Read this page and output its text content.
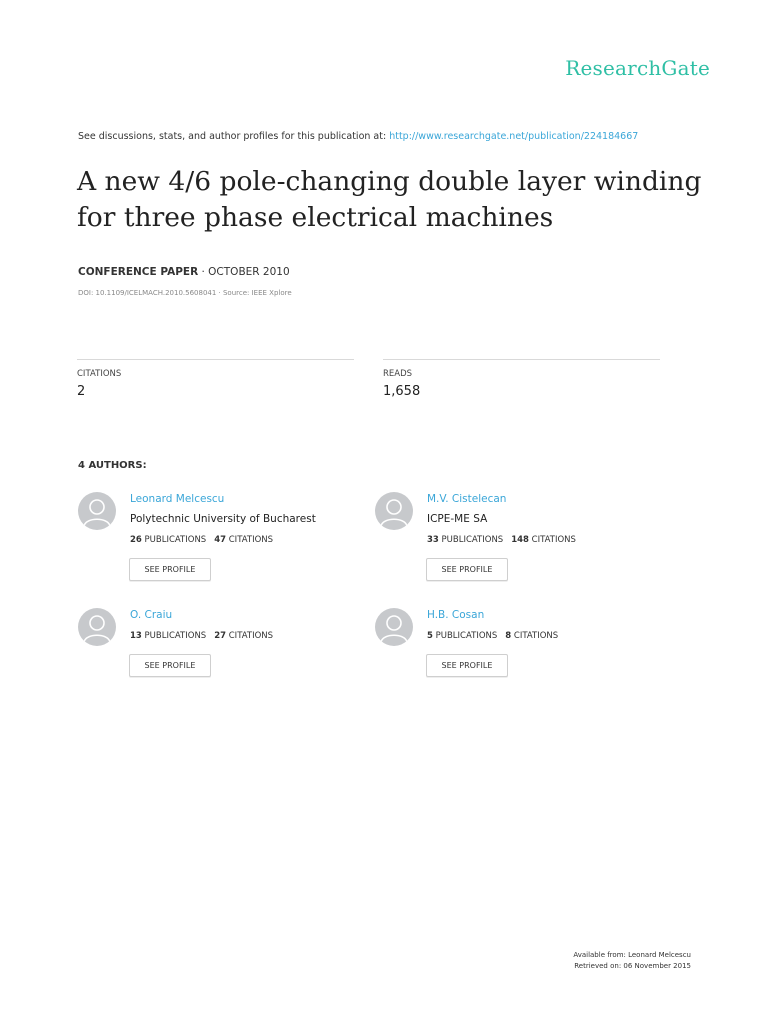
ResearchGate
See discussions, stats, and author profiles for this publication at: http://www.researchgate.net/publication/224184667
A new 4/6 pole-changing double layer winding for three phase electrical machines
CONFERENCE PAPER · OCTOBER 2010
DOI: 10.1109/ICELMACH.2010.5608041 · Source: IEEE Xplore
CITATIONS
2
READS
1,658
4 AUTHORS:
Leonard Melcescu
Polytechnic University of Bucharest
26 PUBLICATIONS 47 CITATIONS
SEE PROFILE
M.V. Cistelecan
ICPE-ME SA
33 PUBLICATIONS 148 CITATIONS
SEE PROFILE
O. Craiu
13 PUBLICATIONS 27 CITATIONS
SEE PROFILE
H.B. Cosan
5 PUBLICATIONS 8 CITATIONS
SEE PROFILE
Available from: Leonard Melcescu
Retrieved on: 06 November 2015
